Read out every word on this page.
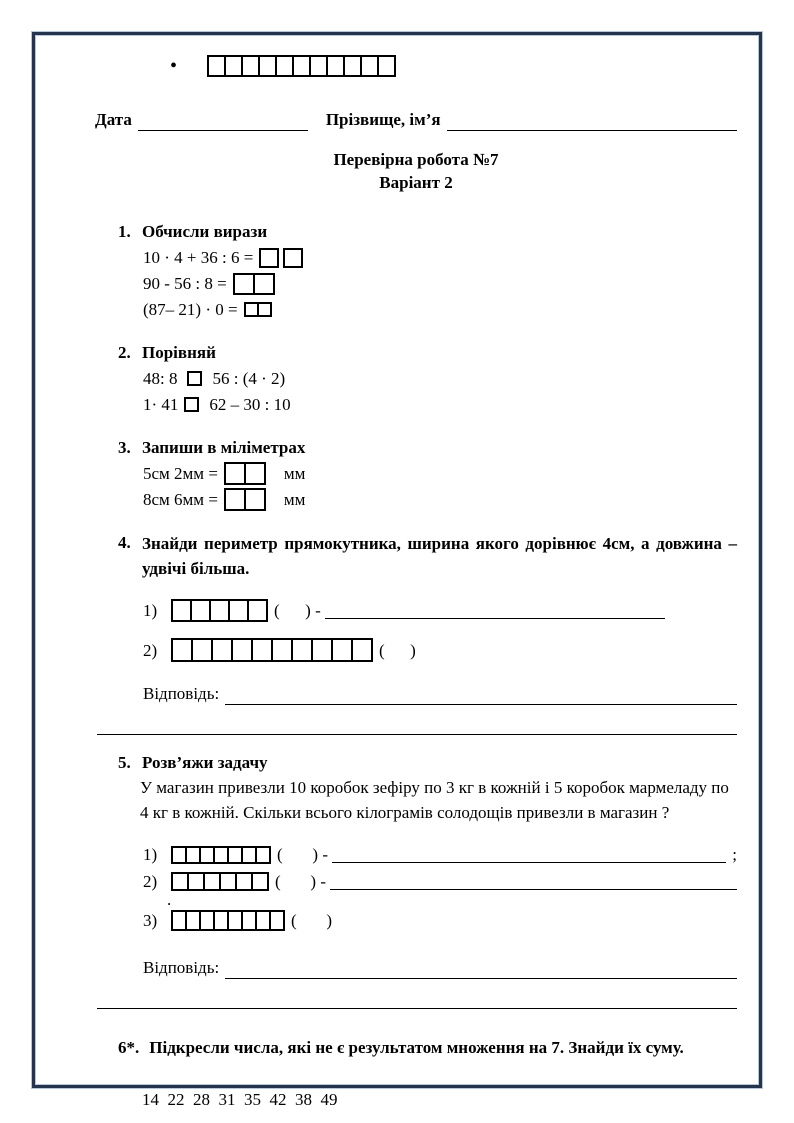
•
Дата	Прізвище, ім’я
Перевірна робота №7
Варіант 2
1. Обчисли вирази
10 · 4 + 36 : 6 =
90 - 56 : 8 =
(87– 21) · 0 =
2. Порівняй
48: 8 56 : (4 · 2)
1· 41 62 – 30 : 10
3. Запиши в міліметрах
5см 2мм =	мм
8см 6мм =	мм
4. Знайди периметр прямокутника, ширина якого дорівнює 4см, а довжина – удвічі більша.
1)	(      ) -
2)	(      )
Відповідь:
5. Розв’яжи задачу
У магазин привезли 10 коробок зефіру по 3 кг в кожній і 5 коробок мармеладу по 4 кг в кожній. Скільки всього кілограмів солодощів привезли в магазин ?
1)	(       ) -	;
2)	(       ) -
.
3)	(       )
Відповідь:
6*. Підкресли числа, які не є результатом множення на 7. Знайди їх суму.
14  22  28  31  35  42  38  49
